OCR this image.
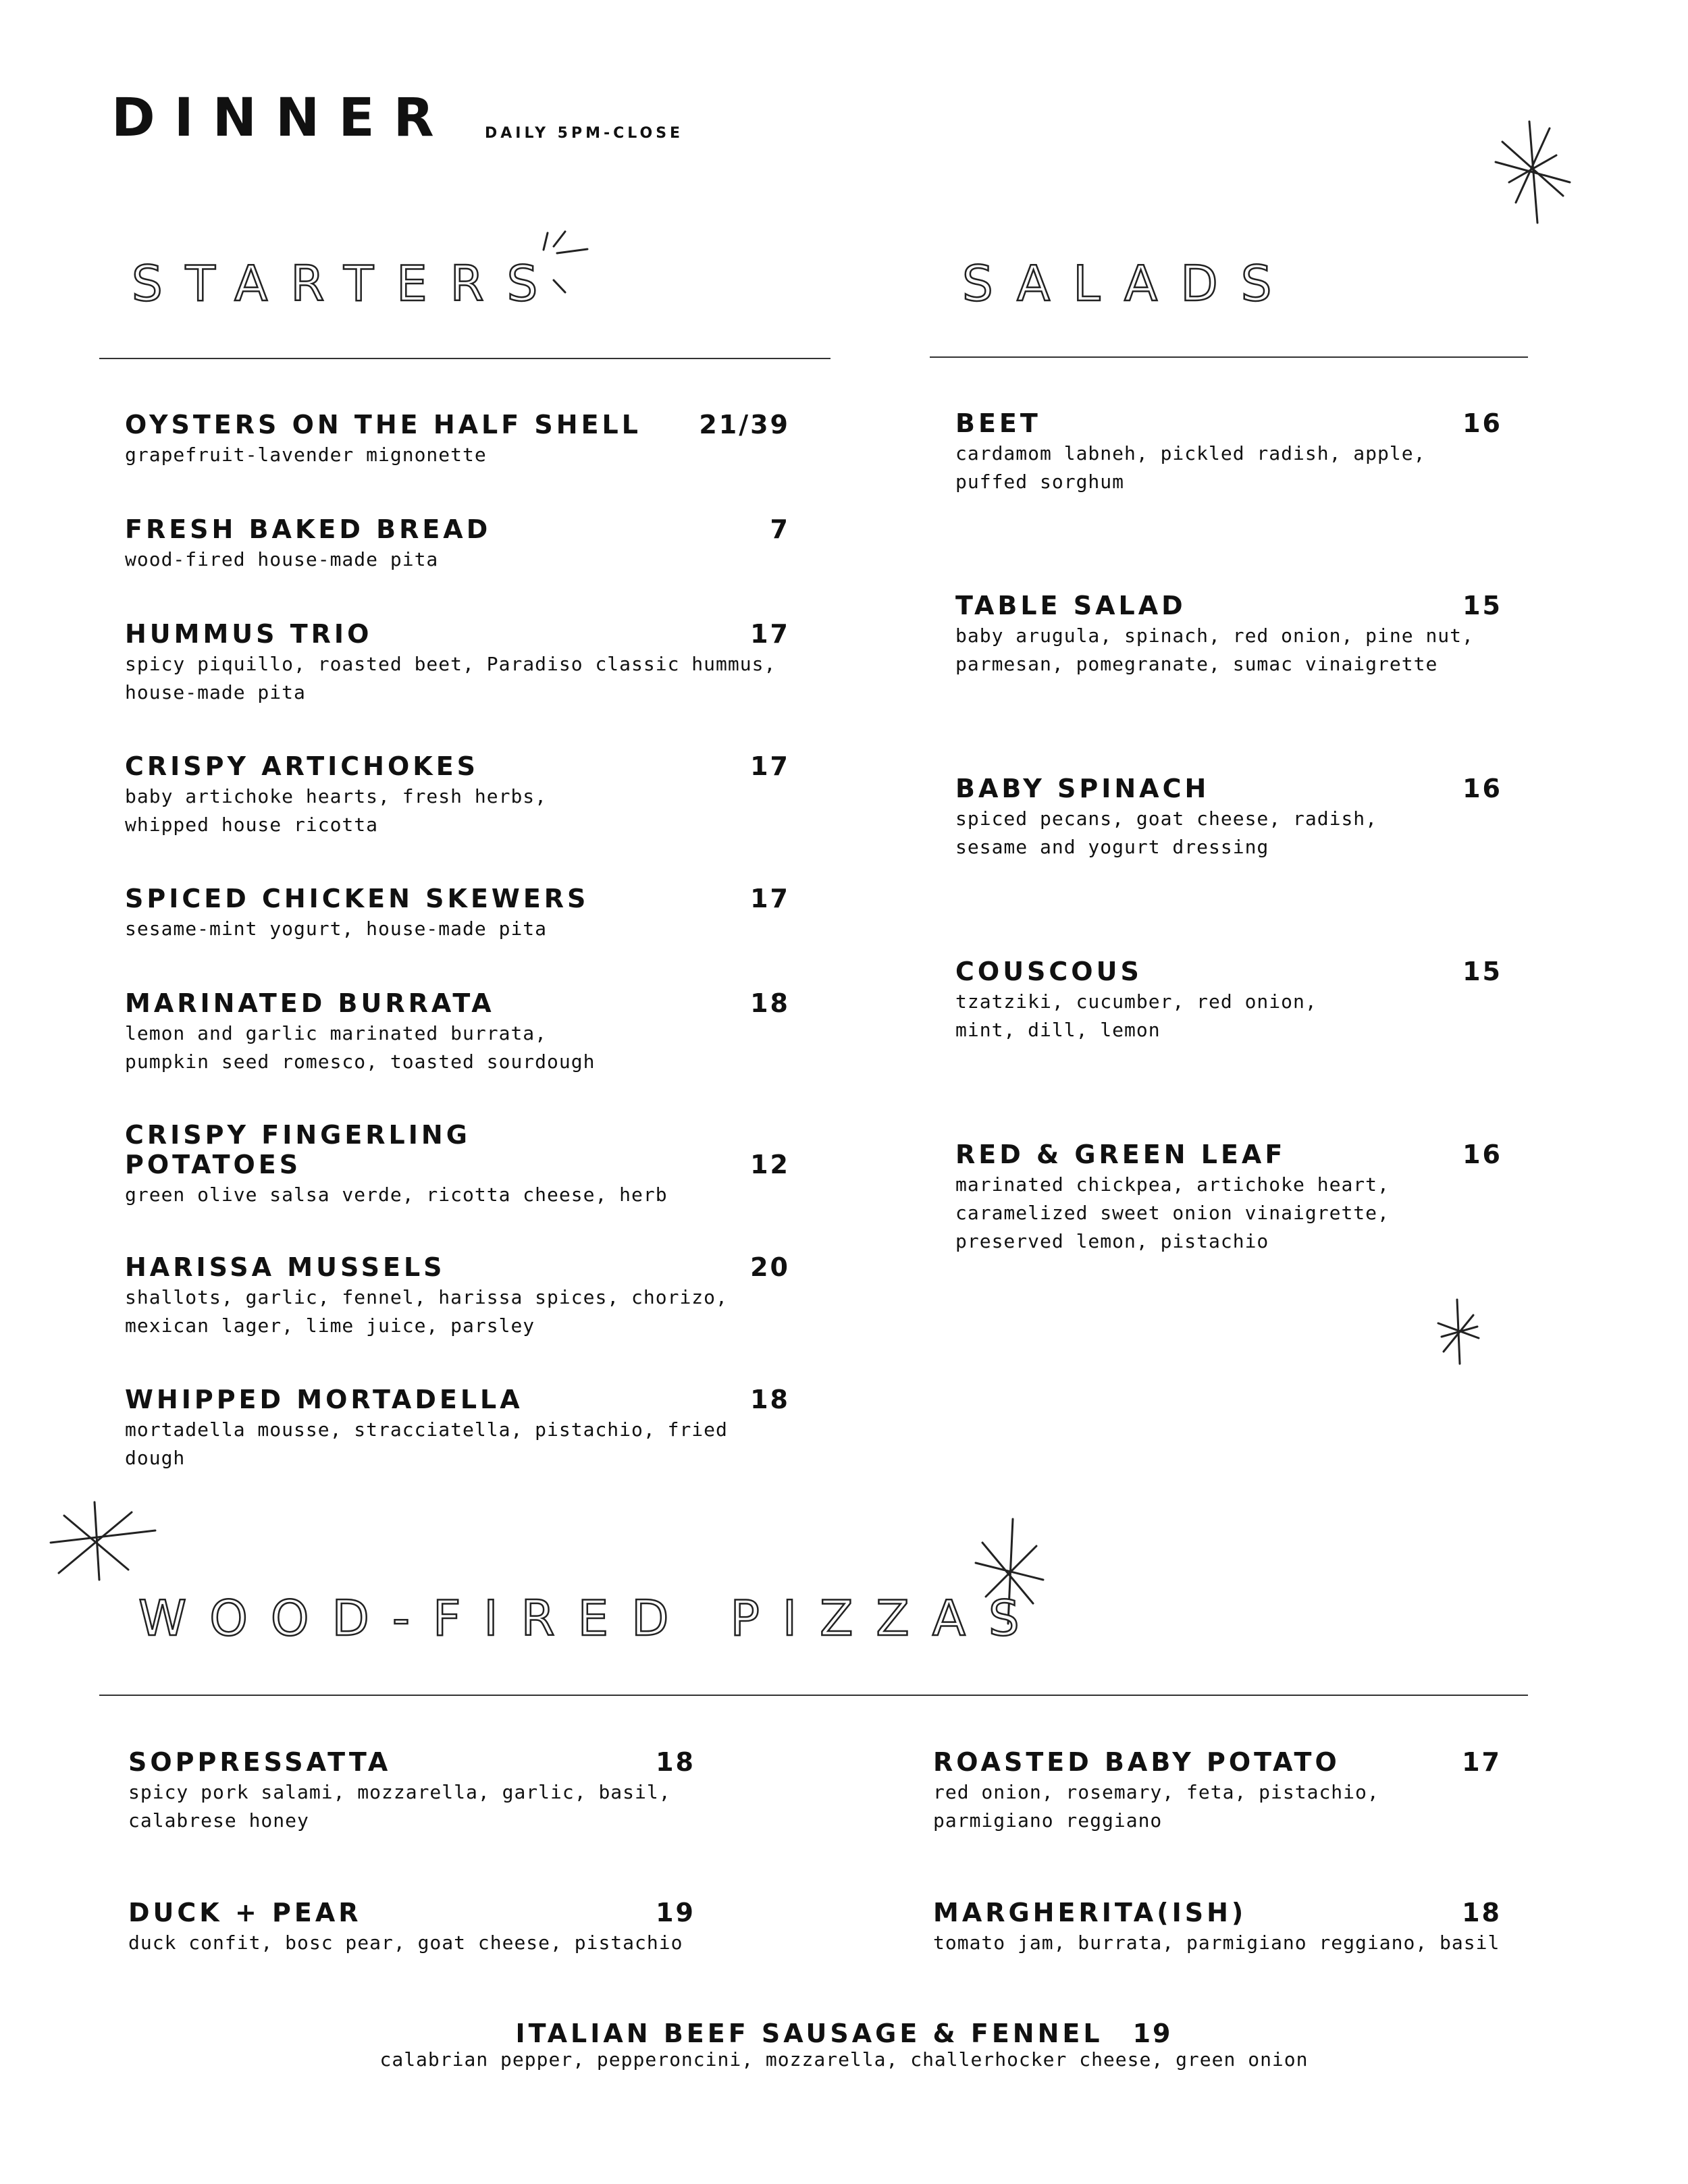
DINNER DAILY 5PM-CLOSE
STARTERS	SALADS
WOOD-FIRED PIZZAS
OYSTERS ON THE HALF SHELL 21/39
grapefruit-lavender mignonette
FRESH BAKED BREAD	7
wood-fired house-made pita
HUMMUS TRIO	17
spicy piquillo, roasted beet, Paradiso classic hummus,
house-made pita
CRISPY ARTICHOKES	17
baby artichoke hearts, fresh herbs,
whipped house ricotta
SPICED CHICKEN SKEWERS	17
sesame-mint yogurt, house-made pita
MARINATED BURRATA	18
lemon and garlic marinated burrata,
pumpkin seed romesco, toasted sourdough
CRISPY FINGERLING
POTATOES	12
green olive salsa verde, ricotta cheese, herb
HARISSA MUSSELS	20
shallots, garlic, fennel, harissa spices, chorizo,
mexican lager, lime juice, parsley
WHIPPED MORTADELLA	18
mortadella mousse, stracciatella, pistachio, fried dough
BEET	16
cardamom labneh, pickled radish, apple,
puffed sorghum
TABLE SALAD	15
baby arugula, spinach, red onion, pine nut,
parmesan, pomegranate, sumac vinaigrette
BABY SPINACH	16
spiced pecans, goat cheese, radish,
sesame and yogurt dressing
COUSCOUS	15
tzatziki, cucumber, red onion,
mint, dill, lemon
RED & GREEN LEAF	16
marinated chickpea, artichoke heart,
caramelized sweet onion vinaigrette,
preserved lemon, pistachio
SOPPRESSATTA	18
spicy pork salami, mozzarella, garlic, basil,
calabrese honey
DUCK + PEAR	19
duck confit, bosc pear, goat cheese, pistachio
ROASTED BABY POTATO	17
red onion, rosemary, feta, pistachio,
parmigiano reggiano
MARGHERITA(ISH)	18
tomato jam, burrata, parmigiano reggiano, basil
ITALIAN BEEF SAUSAGE & FENNEL 19
calabrian pepper, pepperoncini, mozzarella, challerhocker cheese, green onion
